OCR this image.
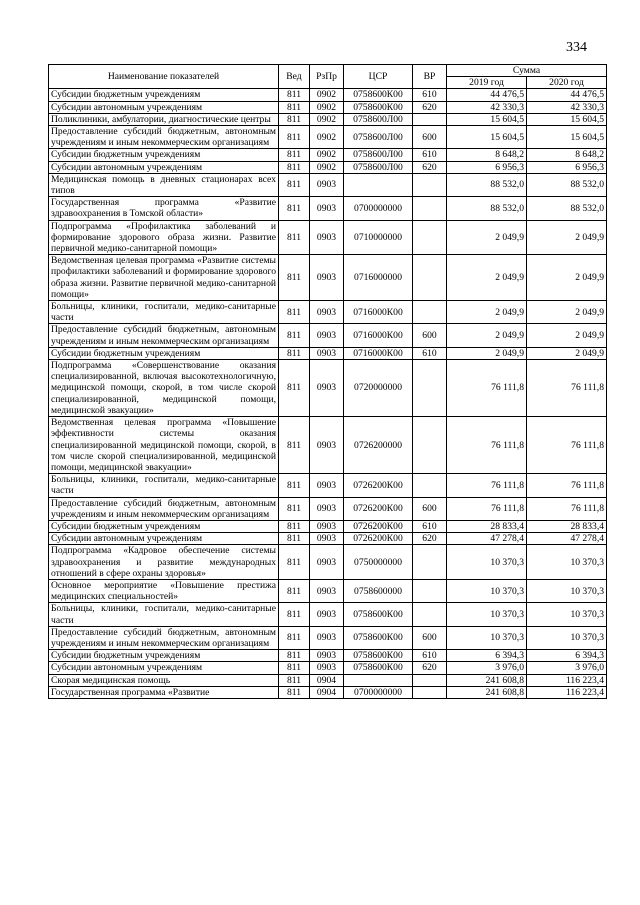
334
Наименование показателей	Вед	РзПр	ЦСР	ВР	Сумма	
					2019 год	2020 год
Субсидии бюджетным учреждениям	811	0902	0758600К00	610	44 476,5	44 476,5
Субсидии автономным учреждениям	811	0902	0758600К00	620	42 330,3	42 330,3
Поликлиники, амбулатории, диагностические центры	811	0902	0758600Л00		15 604,5	15 604,5
Предоставление субсидий бюджетным, автономным учреждениям и иным некоммерческим организациям	811	0902	0758600Л00	600	15 604,5	15 604,5
Субсидии бюджетным учреждениям	811	0902	0758600Л00	610	8 648,2	8 648,2
Субсидии автономным учреждениям	811	0902	0758600Л00	620	6 956,3	6 956,3
Медицинская помощь в дневных стационарах всех типов	811	0903			88 532,0	88 532,0
Государственная программа «Развитие здравоохранения в Томской области»	811	0903	0700000000		88 532,0	88 532,0
Подпрограмма «Профилактика заболеваний и формирование здорового образа жизни. Развитие первичной медико-санитарной помощи»	811	0903	0710000000		2 049,9	2 049,9
Ведомственная целевая программа «Развитие системы профилактики заболеваний и формирование здорового образа жизни. Развитие первичной медико-санитарной помощи»	811	0903	0716000000		2 049,9	2 049,9
Больницы, клиники, госпитали, медико-санитарные части	811	0903	0716000К00		2 049,9	2 049,9
Предоставление субсидий бюджетным, автономным учреждениям и иным некоммерческим организациям	811	0903	0716000К00	600	2 049,9	2 049,9
Субсидии бюджетным учреждениям	811	0903	0716000К00	610	2 049,9	2 049,9
Подпрограмма «Совершенствование оказания специализированной, включая высокотехнологичную, медицинской помощи, скорой, в том числе скорой специализированной, медицинской помощи, медицинской эвакуации»	811	0903	0720000000		76 111,8	76 111,8
Ведомственная целевая программа «Повышение эффективности системы оказания специализированной медицинской помощи, скорой, в том числе скорой специализированной, медицинской помощи, медицинской эвакуации»	811	0903	0726200000		76 111,8	76 111,8
Больницы, клиники, госпитали, медико-санитарные части	811	0903	0726200К00		76 111,8	76 111,8
Предоставление субсидий бюджетным, автономным учреждениям и иным некоммерческим организациям	811	0903	0726200К00	600	76 111,8	76 111,8
Субсидии бюджетным учреждениям	811	0903	0726200К00	610	28 833,4	28 833,4
Субсидии автономным учреждениям	811	0903	0726200К00	620	47 278,4	47 278,4
Подпрограмма «Кадровое обеспечение системы здравоохранения и развитие международных отношений в сфере охраны здоровья»	811	0903	0750000000		10 370,3	10 370,3
Основное мероприятие «Повышение престижа медицинских специальностей»	811	0903	0758600000		10 370,3	10 370,3
Больницы, клиники, госпитали, медико-санитарные части	811	0903	0758600К00		10 370,3	10 370,3
Предоставление субсидий бюджетным, автономным учреждениям и иным некоммерческим организациям	811	0903	0758600К00	600	10 370,3	10 370,3
Субсидии бюджетным учреждениям	811	0903	0758600К00	610	6 394,3	6 394,3
Субсидии автономным учреждениям	811	0903	0758600К00	620	3 976,0	3 976,0
Скорая медицинская помощь	811	0904			241 608,8	116 223,4
Государственная программа «Развитие	811	0904	0700000000		241 608,8	116 223,4
